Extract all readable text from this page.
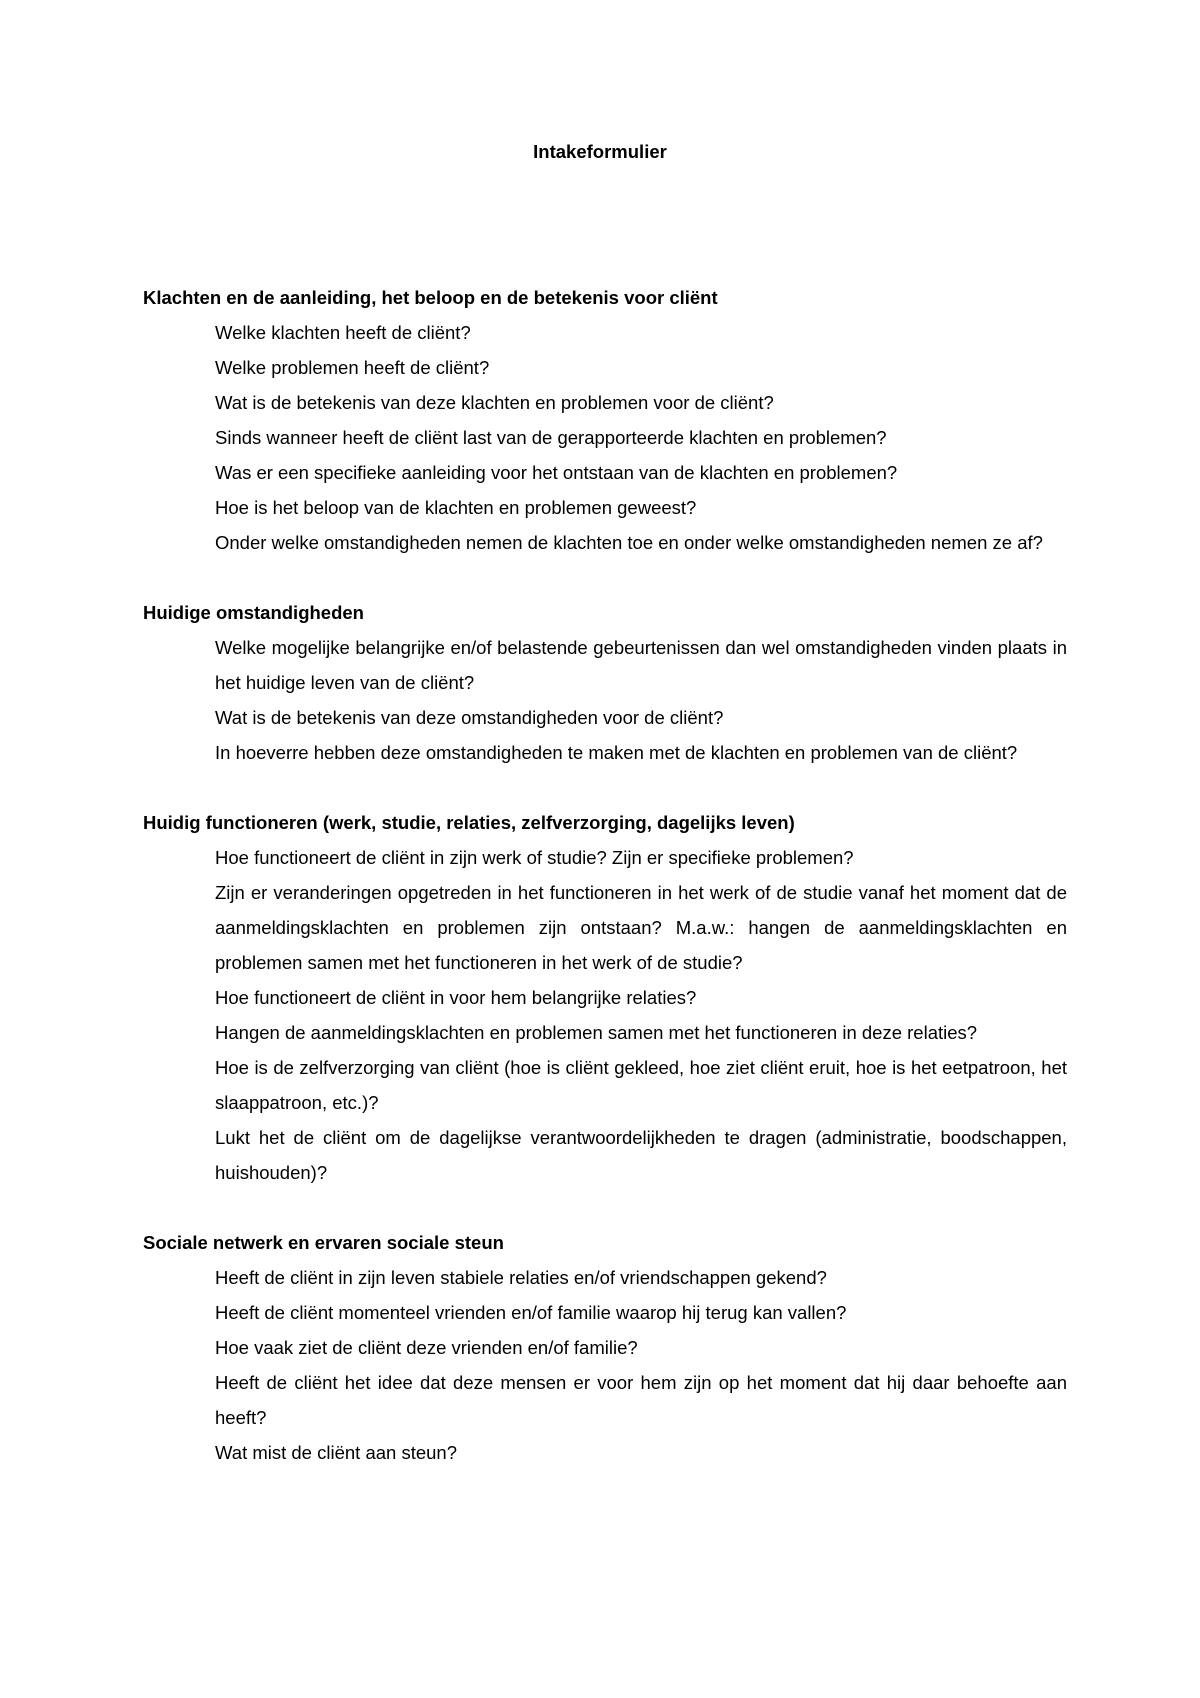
Intakeformulier
Klachten en de aanleiding, het beloop en de betekenis voor cliënt
Welke klachten heeft de cliënt?
Welke problemen heeft de cliënt?
Wat is de betekenis van deze klachten en problemen voor de cliënt?
Sinds wanneer heeft de cliënt last van de gerapporteerde klachten en problemen?
Was er een specifieke aanleiding voor het ontstaan van de klachten en problemen?
Hoe is het beloop van de klachten en problemen geweest?
Onder welke omstandigheden nemen de klachten toe en onder welke omstandigheden nemen ze af?
Huidige omstandigheden
Welke mogelijke belangrijke en/of belastende gebeurtenissen dan wel omstandigheden vinden plaats in het huidige leven van de cliënt?
Wat is de betekenis van deze omstandigheden voor de cliënt?
In hoeverre hebben deze omstandigheden te maken met de klachten en problemen van de cliënt?
Huidig functioneren (werk, studie, relaties, zelfverzorging, dagelijks leven)
Hoe functioneert de cliënt in zijn werk of studie? Zijn er specifieke problemen?
Zijn er veranderingen opgetreden in het functioneren in het werk of de studie vanaf het moment dat de aanmeldingsklachten en problemen zijn ontstaan? M.a.w.: hangen de aanmeldingsklachten en problemen samen met het functioneren in het werk of de studie?
Hoe functioneert de cliënt in voor hem belangrijke relaties?
Hangen de aanmeldingsklachten en problemen samen met het functioneren in deze relaties?
Hoe is de zelfverzorging van cliënt (hoe is cliënt gekleed, hoe ziet cliënt eruit, hoe is het eetpatroon, het slaappatroon, etc.)?
Lukt het de cliënt om de dagelijkse verantwoordelijkheden te dragen (administratie, boodschappen, huishouden)?
Sociale netwerk en ervaren sociale steun
Heeft de cliënt in zijn leven stabiele relaties en/of vriendschappen gekend?
Heeft de cliënt momenteel vrienden en/of familie waarop hij terug kan vallen?
Hoe vaak ziet de cliënt deze vrienden en/of familie?
Heeft de cliënt het idee dat deze mensen er voor hem zijn op het moment dat hij daar behoefte aan heeft?
Wat mist de cliënt aan steun?
